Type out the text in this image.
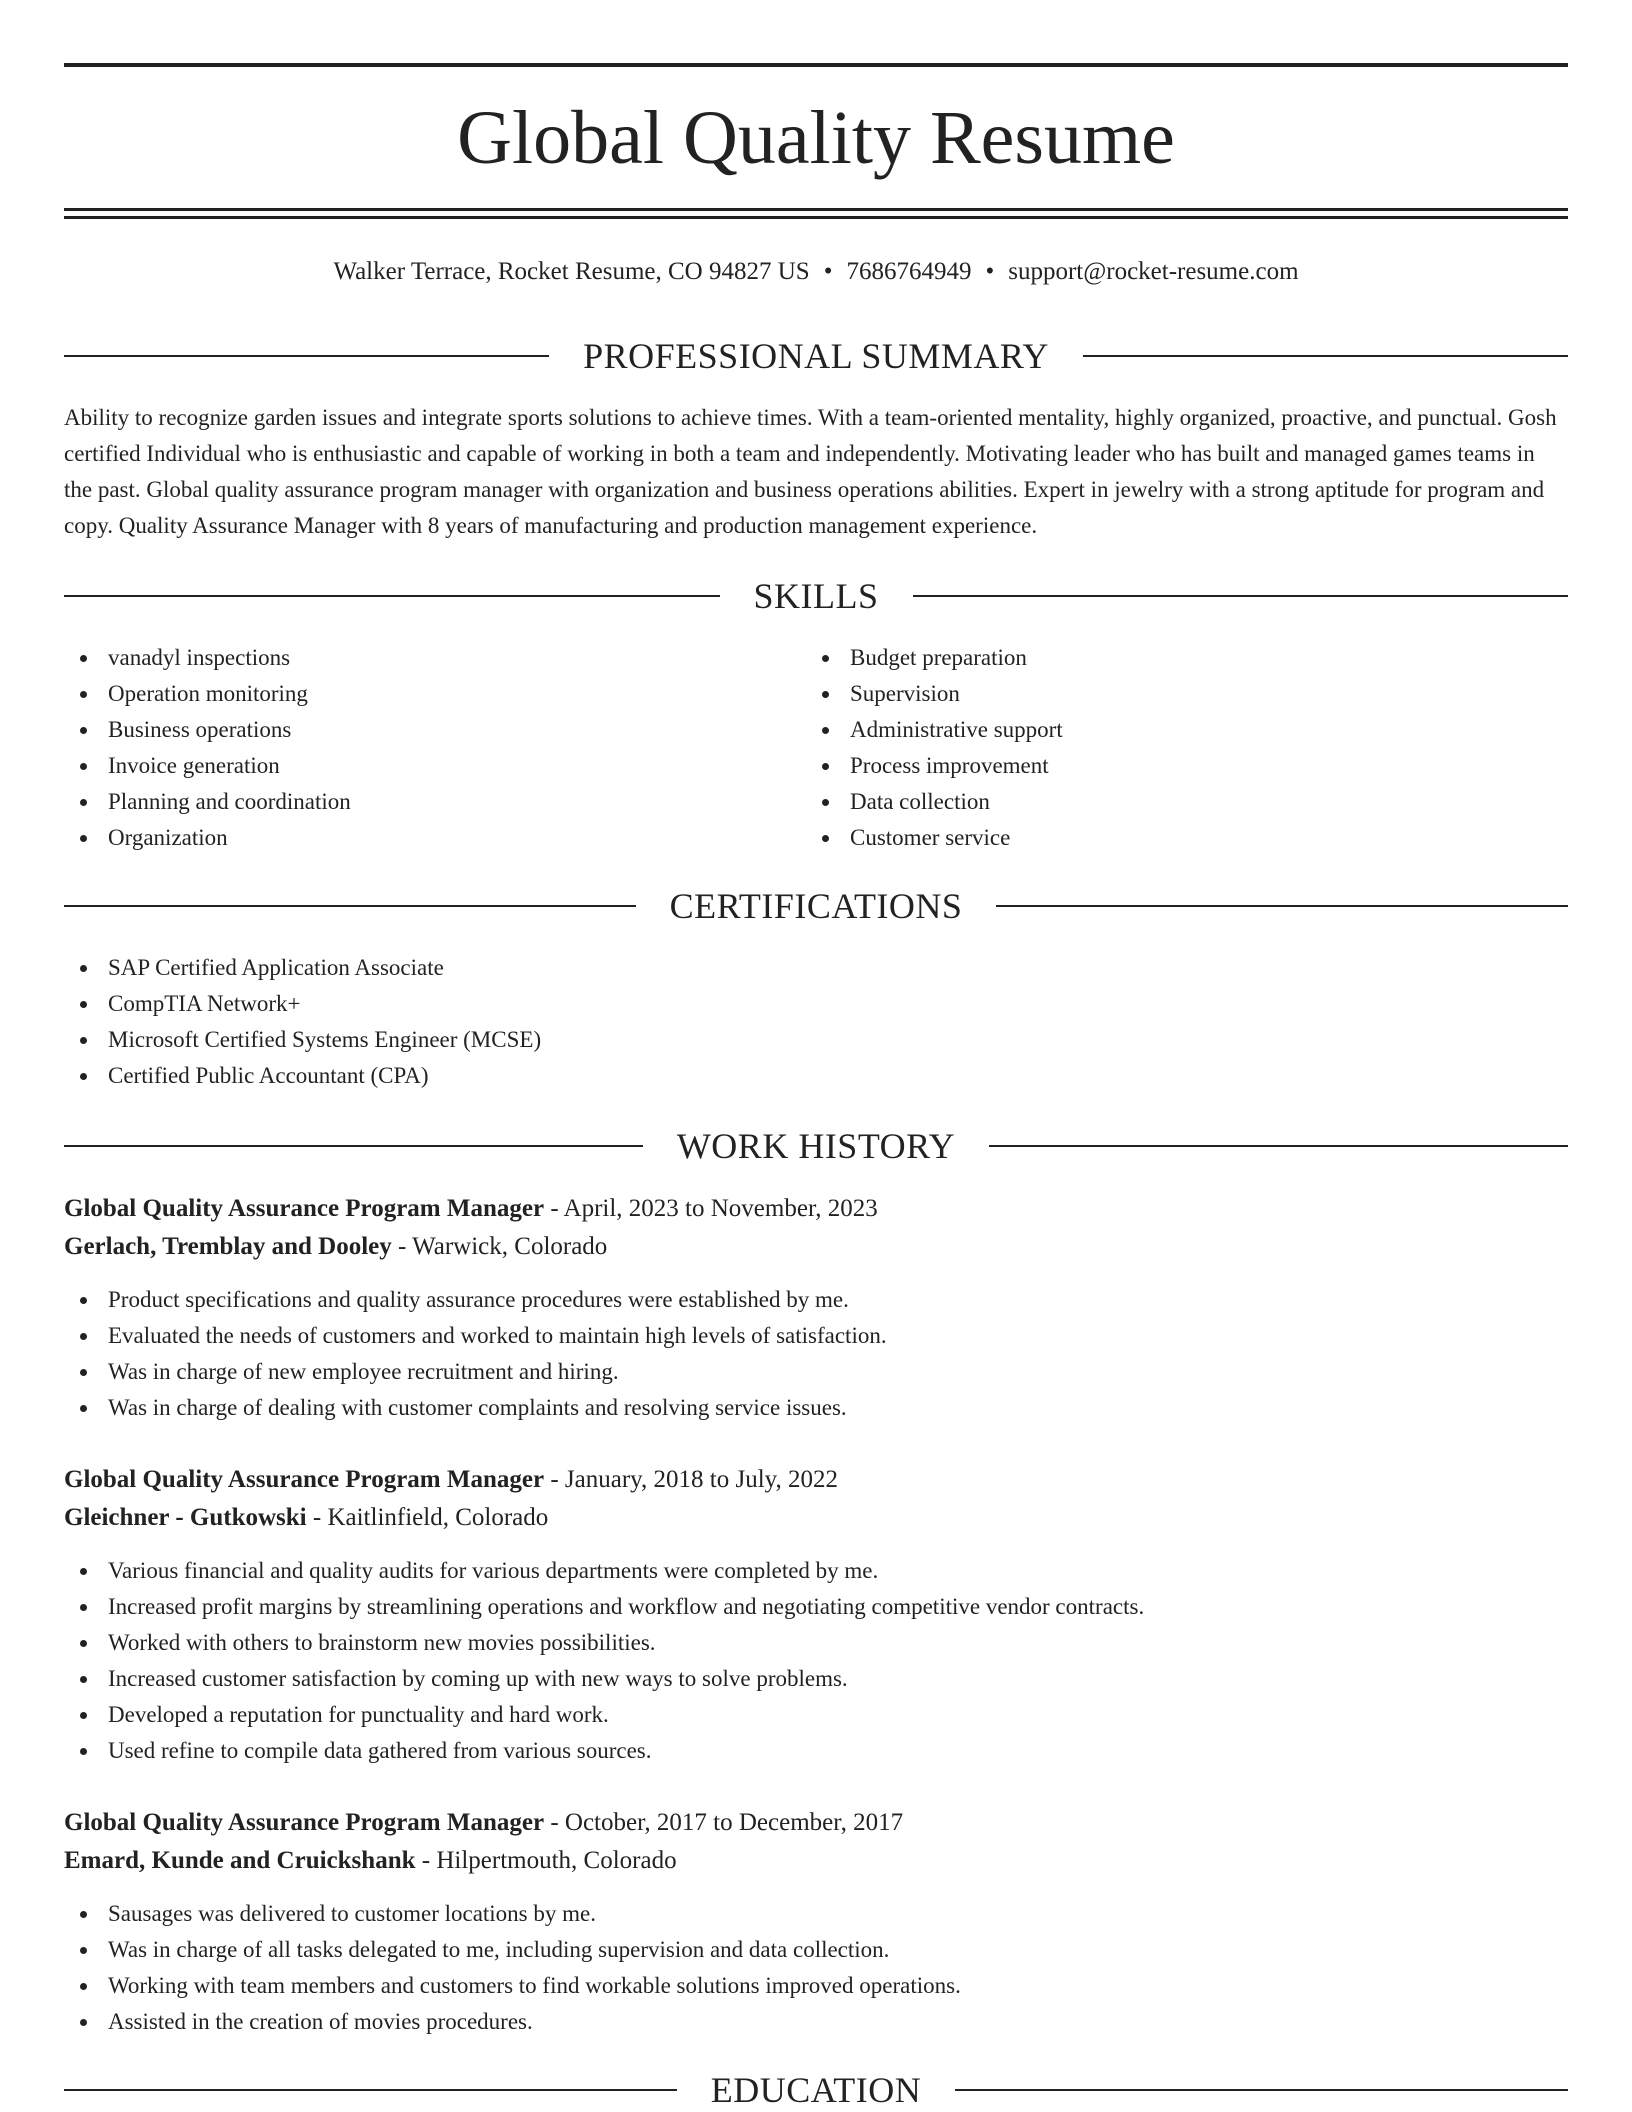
Global Quality Resume
Walker Terrace, Rocket Resume, CO 94827 US • 7686764949 • support@rocket-resume.com
PROFESSIONAL SUMMARY

Ability to recognize garden issues and integrate sports solutions to achieve times. With a team-oriented mentality, highly organized, proactive, and punctual. Gosh certified Individual who is enthusiastic and capable of working in both a team and independently. Motivating leader who has built and managed games teams in the past. Global quality assurance program manager with organization and business operations abilities. Expert in jewelry with a strong aptitude for program and copy. Quality Assurance Manager with 8 years of manufacturing and production management experience.

SKILLS
vanadyl inspections
Operation monitoring
Business operations
Invoice generation
Planning and coordination
Organization
Budget preparation
Supervision
Administrative support
Process improvement
Data collection
Customer service
CERTIFICATIONS
SAP Certified Application Associate
CompTIA Network+
Microsoft Certified Systems Engineer (MCSE)
Certified Public Accountant (CPA)
WORK HISTORY
Global Quality Assurance Program Manager - April, 2023 to November, 2023
Gerlach, Tremblay and Dooley - Warwick, Colorado
Product specifications and quality assurance procedures were established by me.
Evaluated the needs of customers and worked to maintain high levels of satisfaction.
Was in charge of new employee recruitment and hiring.
Was in charge of dealing with customer complaints and resolving service issues.
Global Quality Assurance Program Manager - January, 2018 to July, 2022
Gleichner - Gutkowski - Kaitlinfield, Colorado
Various financial and quality audits for various departments were completed by me.
Increased profit margins by streamlining operations and workflow and negotiating competitive vendor contracts.
Worked with others to brainstorm new movies possibilities.
Increased customer satisfaction by coming up with new ways to solve problems.
Developed a reputation for punctuality and hard work.
Used refine to compile data gathered from various sources.
Global Quality Assurance Program Manager - October, 2017 to December, 2017
Emard, Kunde and Cruickshank - Hilpertmouth, Colorado
Sausages was delivered to customer locations by me.
Was in charge of all tasks delegated to me, including supervision and data collection.
Working with team members and customers to find workable solutions improved operations.
Assisted in the creation of movies procedures.
EDUCATION
